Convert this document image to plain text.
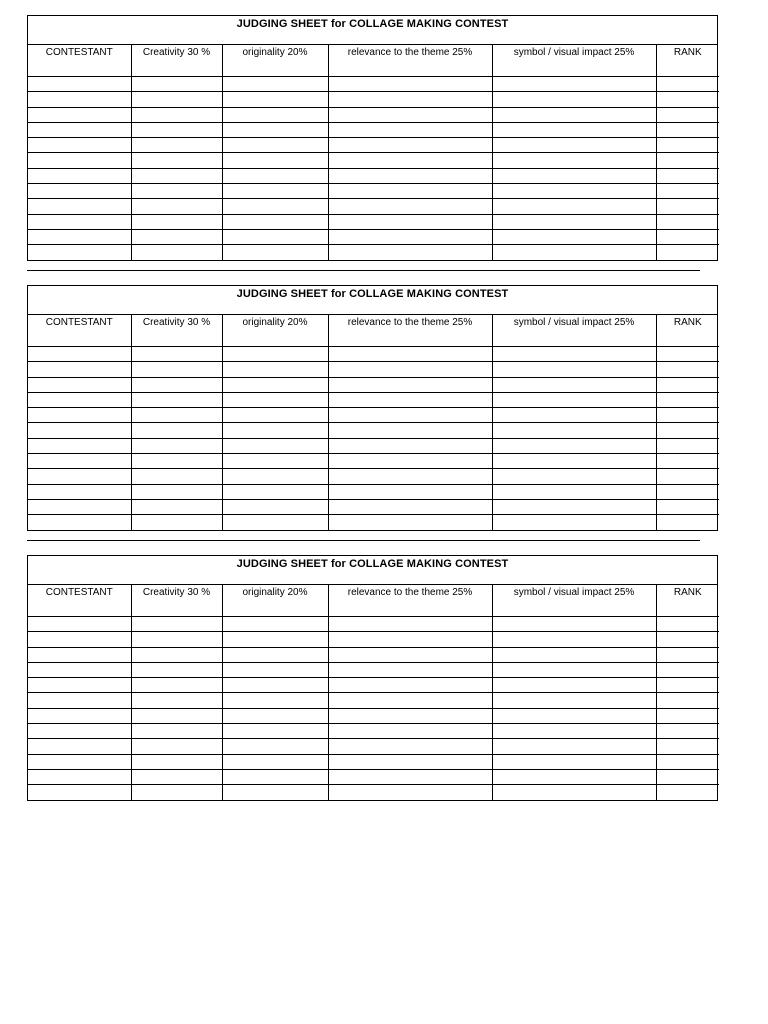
JUDGING SHEET for COLLAGE MAKING CONTEST
CONTESTANT	Creativity 30 %	originality 20%	relevance to the theme 25%	symbol / visual impact 25%	RANK

JUDGING SHEET for COLLAGE MAKING CONTEST
CONTESTANT	Creativity 30 %	originality 20%	relevance to the theme 25%	symbol / visual impact 25%	RANK

JUDGING SHEET for COLLAGE MAKING CONTEST
CONTESTANT	Creativity 30 %	originality 20%	relevance to the theme 25%	symbol / visual impact 25%	RANK
